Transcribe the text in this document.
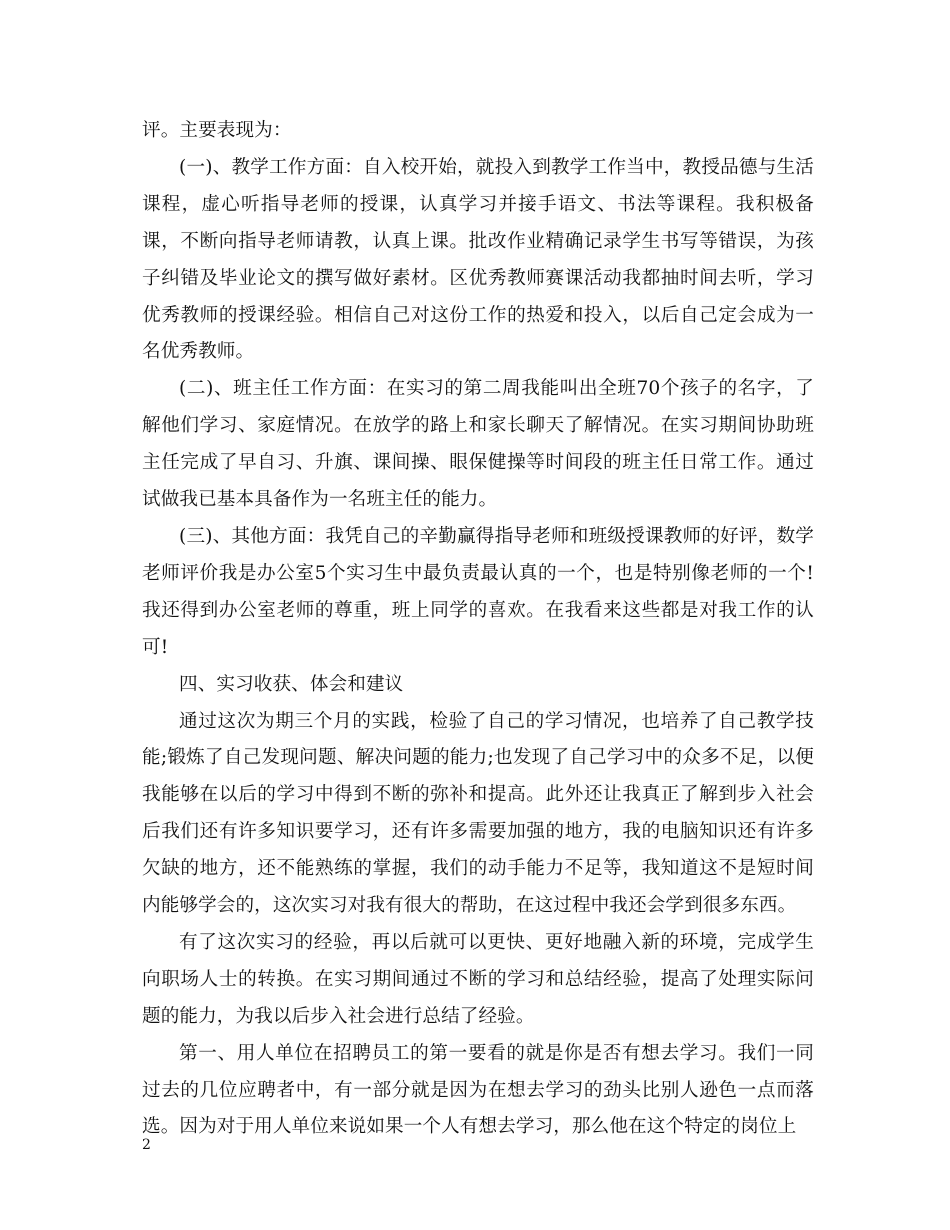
评。主要表现为：

(一)、教学工作方面：自入校开始，就投入到教学工作当中，教授品德与生活课程，虚心听指导老师的授课，认真学习并接手语文、书法等课程。我积极备课，不断向指导老师请教，认真上课。批改作业精确记录学生书写等错误，为孩子纠错及毕业论文的撰写做好素材。区优秀教师赛课活动我都抽时间去听，学习优秀教师的授课经验。相信自己对这份工作的热爱和投入，以后自己定会成为一名优秀教师。

(二)、班主任工作方面：在实习的第二周我能叫出全班70个孩子的名字，了解他们学习、家庭情况。在放学的路上和家长聊天了解情况。在实习期间协助班主任完成了早自习、升旗、课间操、眼保健操等时间段的班主任日常工作。通过试做我已基本具备作为一名班主任的能力。

(三)、其他方面：我凭自己的辛勤赢得指导老师和班级授课教师的好评，数学老师评价我是办公室5个实习生中最负责最认真的一个，也是特别像老师的一个!我还得到办公室老师的尊重，班上同学的喜欢。在我看来这些都是对我工作的认可!

四、实习收获、体会和建议

通过这次为期三个月的实践，检验了自己的学习情况，也培养了自己教学技能;锻炼了自己发现问题、解决问题的能力;也发现了自己学习中的众多不足，以便我能够在以后的学习中得到不断的弥补和提高。此外还让我真正了解到步入社会后我们还有许多知识要学习，还有许多需要加强的地方，我的电脑知识还有许多欠缺的地方，还不能熟练的掌握，我们的动手能力不足等，我知道这不是短时间内能够学会的，这次实习对我有很大的帮助，在这过程中我还会学到很多东西。

有了这次实习的经验，再以后就可以更快、更好地融入新的环境，完成学生向职场人士的转换。在实习期间通过不断的学习和总结经验，提高了处理实际问题的能力，为我以后步入社会进行总结了经验。

第一、用人单位在招聘员工的第一要看的就是你是否有想去学习。我们一同过去的几位应聘者中，有一部分就是因为在想去学习的劲头比别人逊色一点而落选。因为对于用人单位来说如果一个人有想去学习，那么他在这个特定的岗位上

2
